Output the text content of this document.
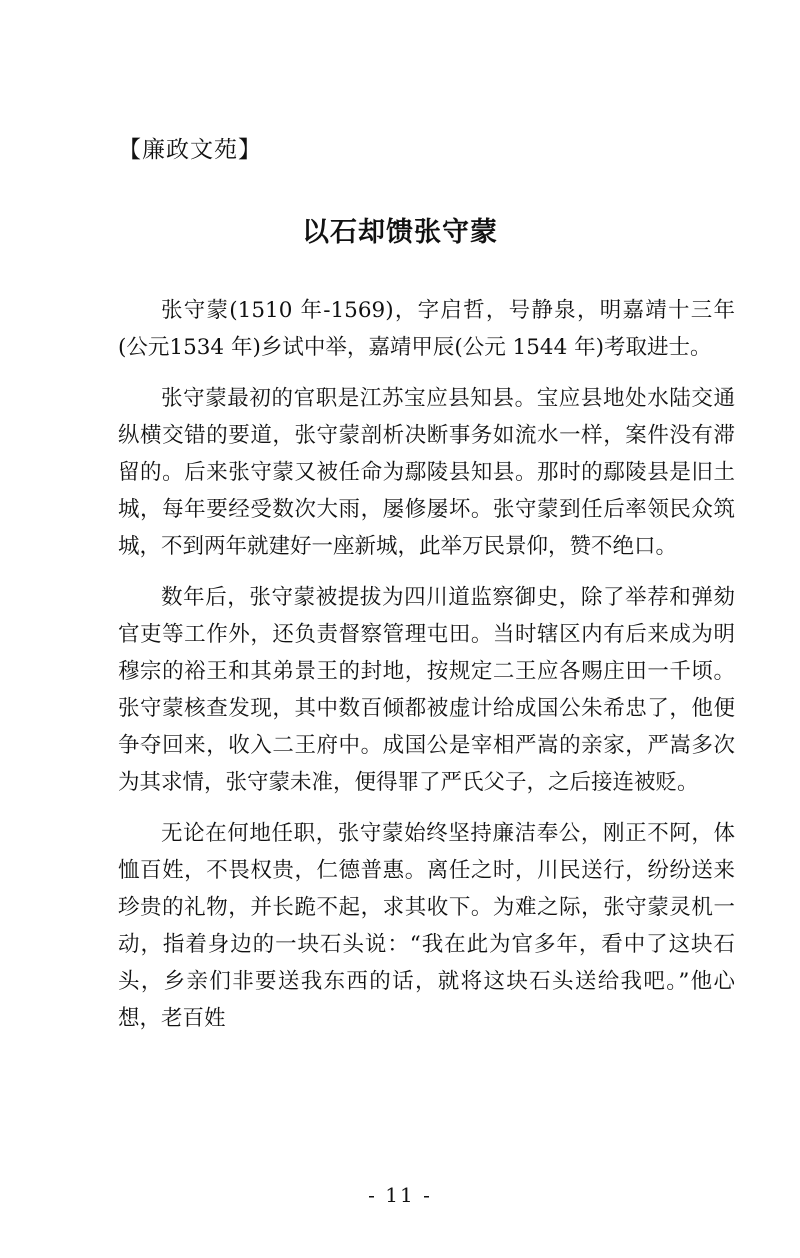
【廉政文苑】
以石却馈张守蒙

张守蒙(1510 年-1569)，字启哲，号静泉，明嘉靖十三年(公元1534 年)乡试中举，嘉靖甲辰(公元 1544 年)考取进士。

张守蒙最初的官职是江苏宝应县知县。宝应县地处水陆交通纵横交错的要道，张守蒙剖析决断事务如流水一样，案件没有滞留的。后来张守蒙又被任命为鄢陵县知县。那时的鄢陵县是旧土城，每年要经受数次大雨，屡修屡坏。张守蒙到任后率领民众筑城，不到两年就建好一座新城，此举万民景仰，赞不绝口。

数年后，张守蒙被提拔为四川道监察御史，除了举荐和弹劾官吏等工作外，还负责督察管理屯田。当时辖区内有后来成为明穆宗的裕王和其弟景王的封地，按规定二王应各赐庄田一千顷。张守蒙核查发现，其中数百倾都被虚计给成国公朱希忠了，他便争夺回来，收入二王府中。成国公是宰相严嵩的亲家，严嵩多次为其求情，张守蒙未准，便得罪了严氏父子，之后接连被贬。

无论在何地任职，张守蒙始终坚持廉洁奉公，刚正不阿，体恤百姓，不畏权贵，仁德普惠。离任之时，川民送行，纷纷送来珍贵的礼物，并长跪不起，求其收下。为难之际，张守蒙灵机一动，指着身边的一块石头说：“我在此为官多年，看中了这块石头，乡亲们非要送我东西的话，就将这块石头送给我吧。”他心想，老百姓

- 11 -
